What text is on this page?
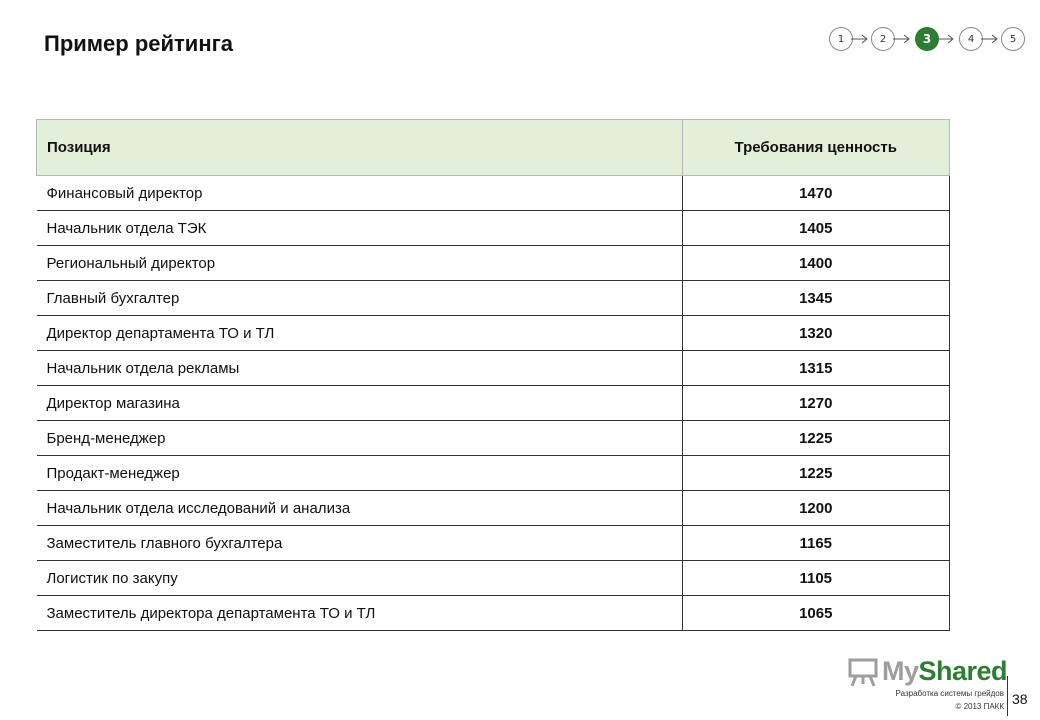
Пример рейтинга	1	2	3	4	5
Позиция	Требования ценность
Финансовый директор	1470
Начальник отдела ТЭК	1405
Региональный директор	1400
Главный бухгалтер	1345
Директор департамента ТО и ТЛ	1320
Начальник отдела рекламы	1315
Директор магазина	1270
Бренд-менеджер	1225
Продакт-менеджер	1225
Начальник отдела исследований и анализа	1200
Заместитель главного бухгалтера	1165
Логистик по закупу	1105
Заместитель директора департамента ТО и ТЛ	1065
MyShared
Разработка системы грейдов
© 2013 ПАКК 38
